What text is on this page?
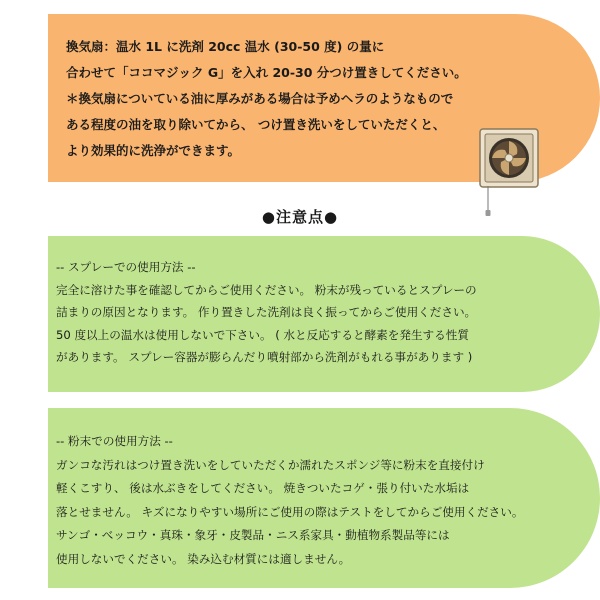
換気扇：温水 1L に洗剤 20cc 温水 (30-50 度) の量に
合わせて「ココマジック G」を入れ 20-30 分つけ置きしてください。
＊換気扇についている油に厚みがある場合は予めヘラのようなもので
ある程度の油を取り除いてから、 つけ置き洗いをしていただくと、
より効果的に洗浄ができます。
●注意点●
-- スプレーでの使用方法 --
完全に溶けた事を確認してからご使用ください。 粉末が残っているとスプレーの
詰まりの原因となります。 作り置きした洗剤は良く振ってからご使用ください。
50 度以上の温水は使用しないで下さい。 ( 水と反応すると酵素を発生する性質
があります。 スプレー容器が膨らんだり噴射部から洗剤がもれる事があります )
-- 粉末での使用方法 --
ガンコな汚れはつけ置き洗いをしていただくか濡れたスポンジ等に粉末を直接付け
軽くこすり、 後は水ぶきをしてください。 焼きついたコゲ・張り付いた水垢は
落とせません。 キズになりやすい場所にご使用の際はテストをしてからご使用ください。
サンゴ・べッコウ・真珠・象牙・皮製品・ニス系家具・動植物系製品等には
使用しないでください。 染み込む材質には適しません。
